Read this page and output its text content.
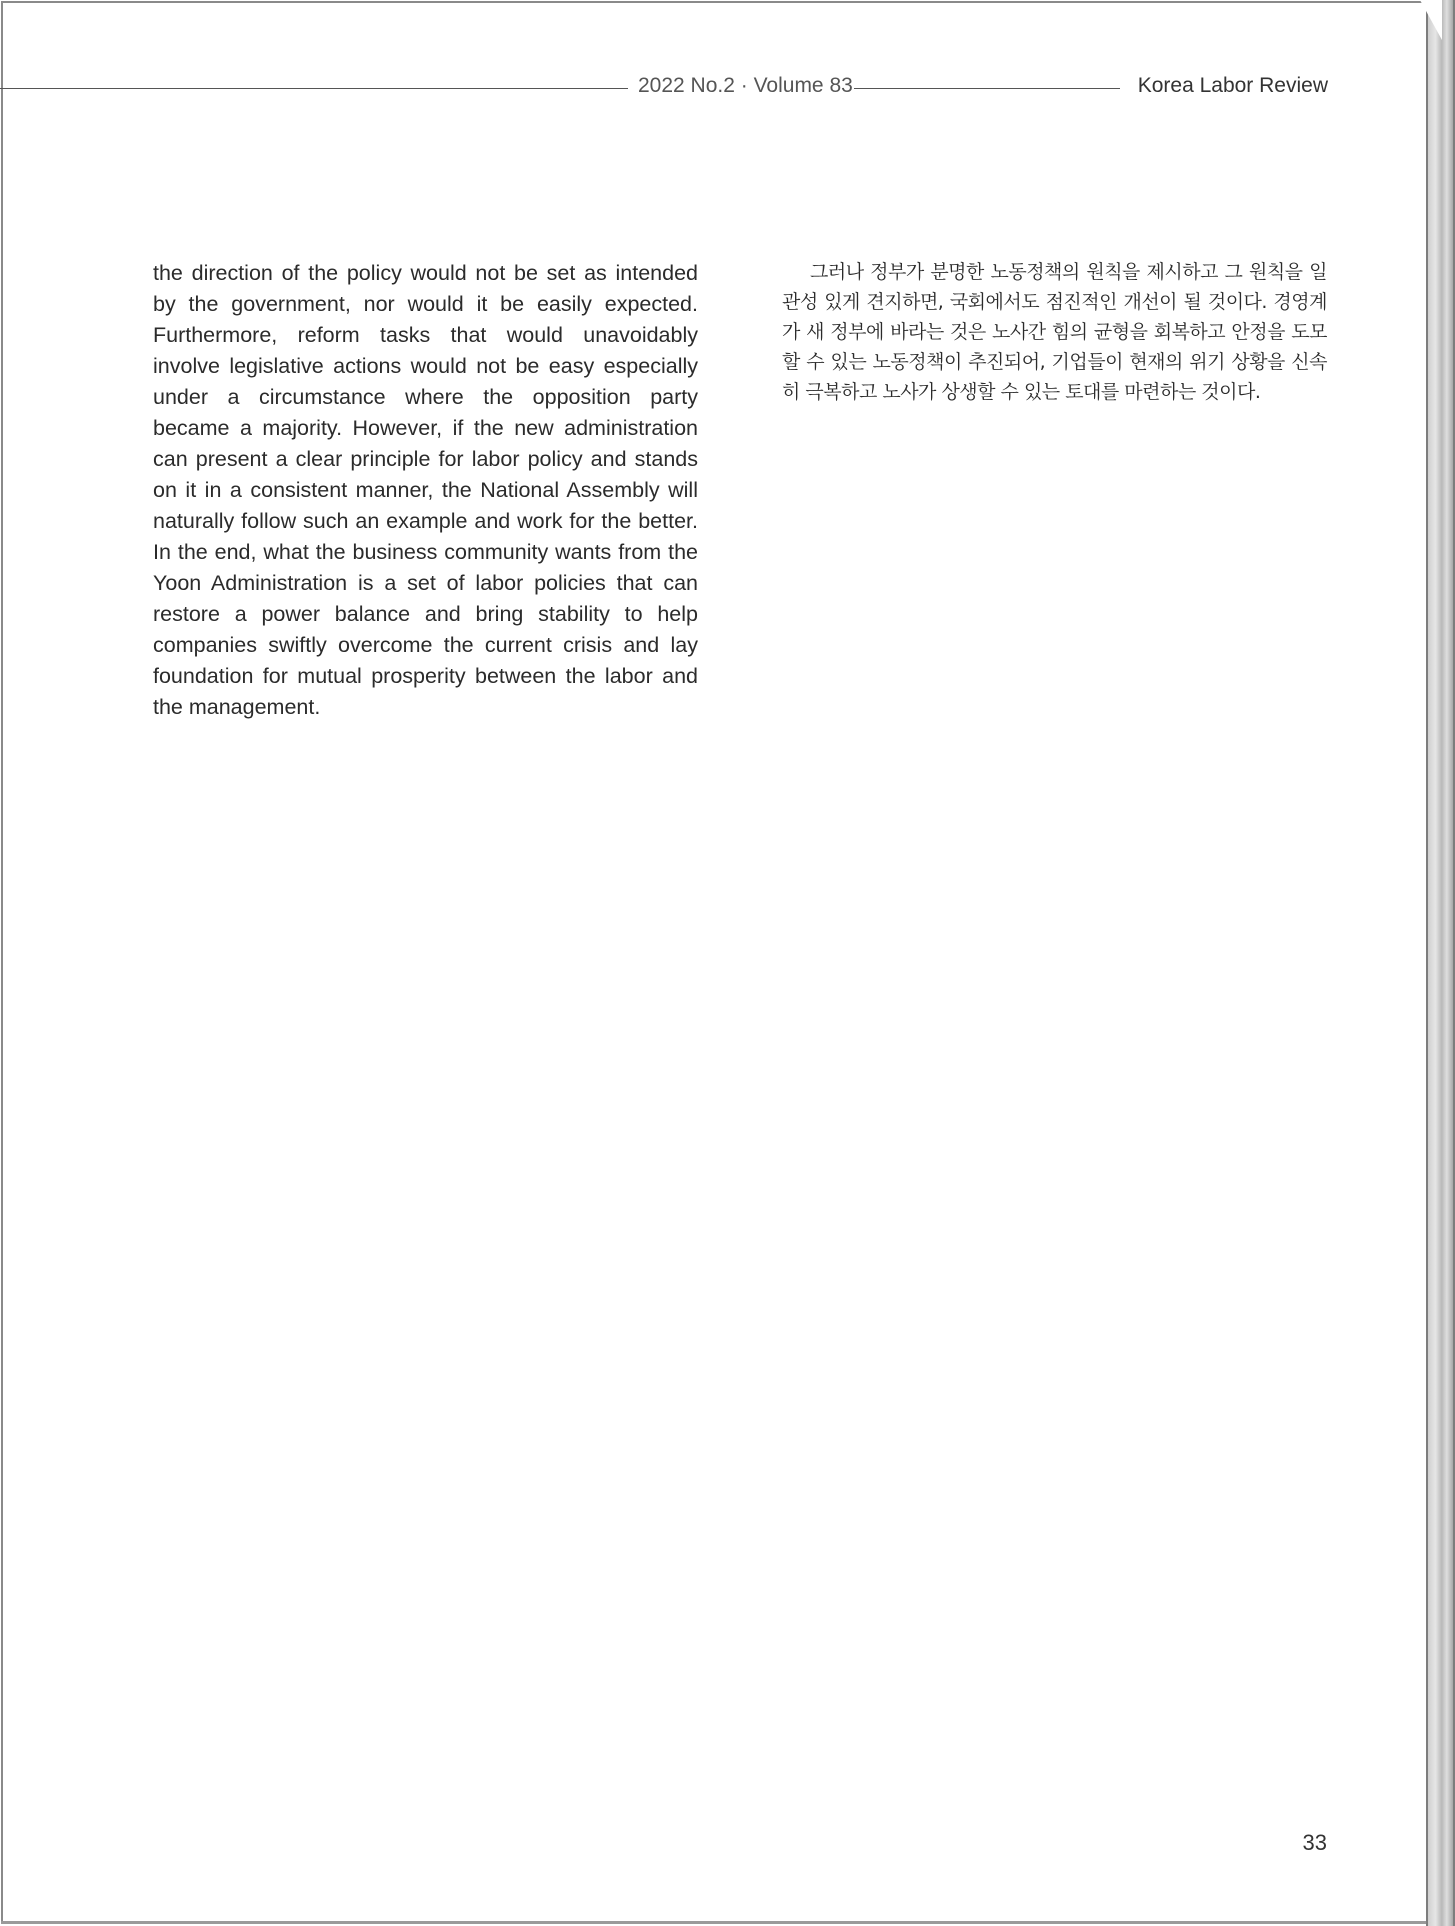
2022 No.2 · Volume 83	Korea Labor Review

the direction of the policy would not be set as intended by the government, nor would it be easily expected. Furthermore, reform tasks that would unavoidably involve legislative actions would not be easy especially under a circumstance where the opposition party became a majority. However, if the new administration can present a clear principle for labor policy and stands on it in a consistent manner, the National Assembly will naturally follow such an example and work for the better. In the end, what the business community wants from the Yoon Administration is a set of labor policies that can restore a power balance and bring stability to help companies swiftly overcome the current crisis and lay foundation for mutual prosperity between the labor and the management.

그러나 정부가 분명한 노동정책의 원칙을 제시하고 그 원칙을 일관성 있게 견지하면, 국회에서도 점진적인 개선이 될 것이다. 경영계가 새 정부에 바라는 것은 노사간 힘의 균형을 회복하고 안정을 도모할 수 있는 노동정책이 추진되어, 기업들이 현재의 위기 상황을 신속히 극복하고 노사가 상생할 수 있는 토대를 마련하는 것이다.

33
